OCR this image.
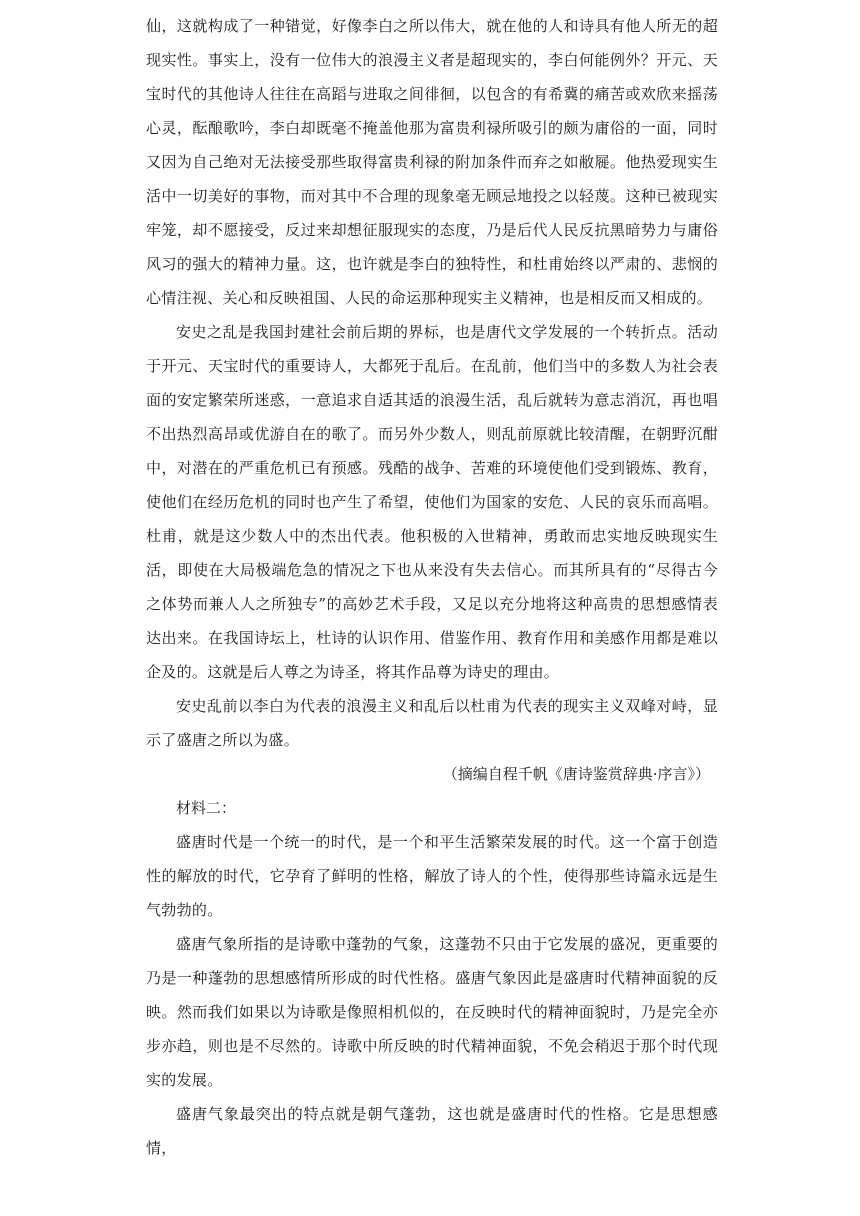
仙，这就构成了一种错觉，好像李白之所以伟大，就在他的人和诗具有他人所无的超现实性。事实上，没有一位伟大的浪漫主义者是超现实的，李白何能例外？开元、天宝时代的其他诗人往往在高蹈与进取之间徘徊，以包含的有希冀的痛苦或欢欣来摇荡心灵，酝酿歌吟，李白却既毫不掩盖他那为富贵利禄所吸引的颇为庸俗的一面，同时又因为自己绝对无法接受那些取得富贵利禄的附加条件而弃之如敝屣。他热爱现实生活中一切美好的事物，而对其中不合理的现象毫无顾忌地投之以轻蔑。这种已被现实牢笼，却不愿接受，反过来却想征服现实的态度，乃是后代人民反抗黑暗势力与庸俗风习的强大的精神力量。这，也许就是李白的独特性，和杜甫始终以严肃的、悲悯的心情注视、关心和反映祖国、人民的命运那种现实主义精神，也是相反而又相成的。

安史之乱是我国封建社会前后期的界标，也是唐代文学发展的一个转折点。活动于开元、天宝时代的重要诗人，大都死于乱后。在乱前，他们当中的多数人为社会表面的安定繁荣所迷惑，一意追求自适其适的浪漫生活，乱后就转为意志消沉，再也唱不出热烈高昂或优游自在的歌了。而另外少数人，则乱前原就比较清醒，在朝野沉酣中，对潜在的严重危机已有预感。残酷的战争、苦难的环境使他们受到锻炼、教育，使他们在经历危机的同时也产生了希望，使他们为国家的安危、人民的哀乐而高唱。杜甫，就是这少数人中的杰出代表。他积极的入世精神，勇敢而忠实地反映现实生活，即使在大局极端危急的情况之下也从来没有失去信心。而其所具有的“尽得古今之体势而兼人人之所独专”的高妙艺术手段，又足以充分地将这种高贵的思想感情表达出来。在我国诗坛上，杜诗的认识作用、借鉴作用、教育作用和美感作用都是难以企及的。这就是后人尊之为诗圣，将其作品尊为诗史的理由。

安史乱前以李白为代表的浪漫主义和乱后以杜甫为代表的现实主义双峰对峙，显示了盛唐之所以为盛。

（摘编自程千帆《唐诗鉴赏辞典·序言》）

材料二：

盛唐时代是一个统一的时代，是一个和平生活繁荣发展的时代。这一个富于创造性的解放的时代，它孕育了鲜明的性格，解放了诗人的个性，使得那些诗篇永远是生气勃勃的。

盛唐气象所指的是诗歌中蓬勃的气象，这蓬勃不只由于它发展的盛况，更重要的乃是一种蓬勃的思想感情所形成的时代性格。盛唐气象因此是盛唐时代精神面貌的反映。然而我们如果以为诗歌是像照相机似的，在反映时代的精神面貌时，乃是完全亦步亦趋，则也是不尽然的。诗歌中所反映的时代精神面貌，不免会稍迟于那个时代现实的发展。

盛唐气象最突出的特点就是朝气蓬勃，这也就是盛唐时代的性格。它是思想感情，
